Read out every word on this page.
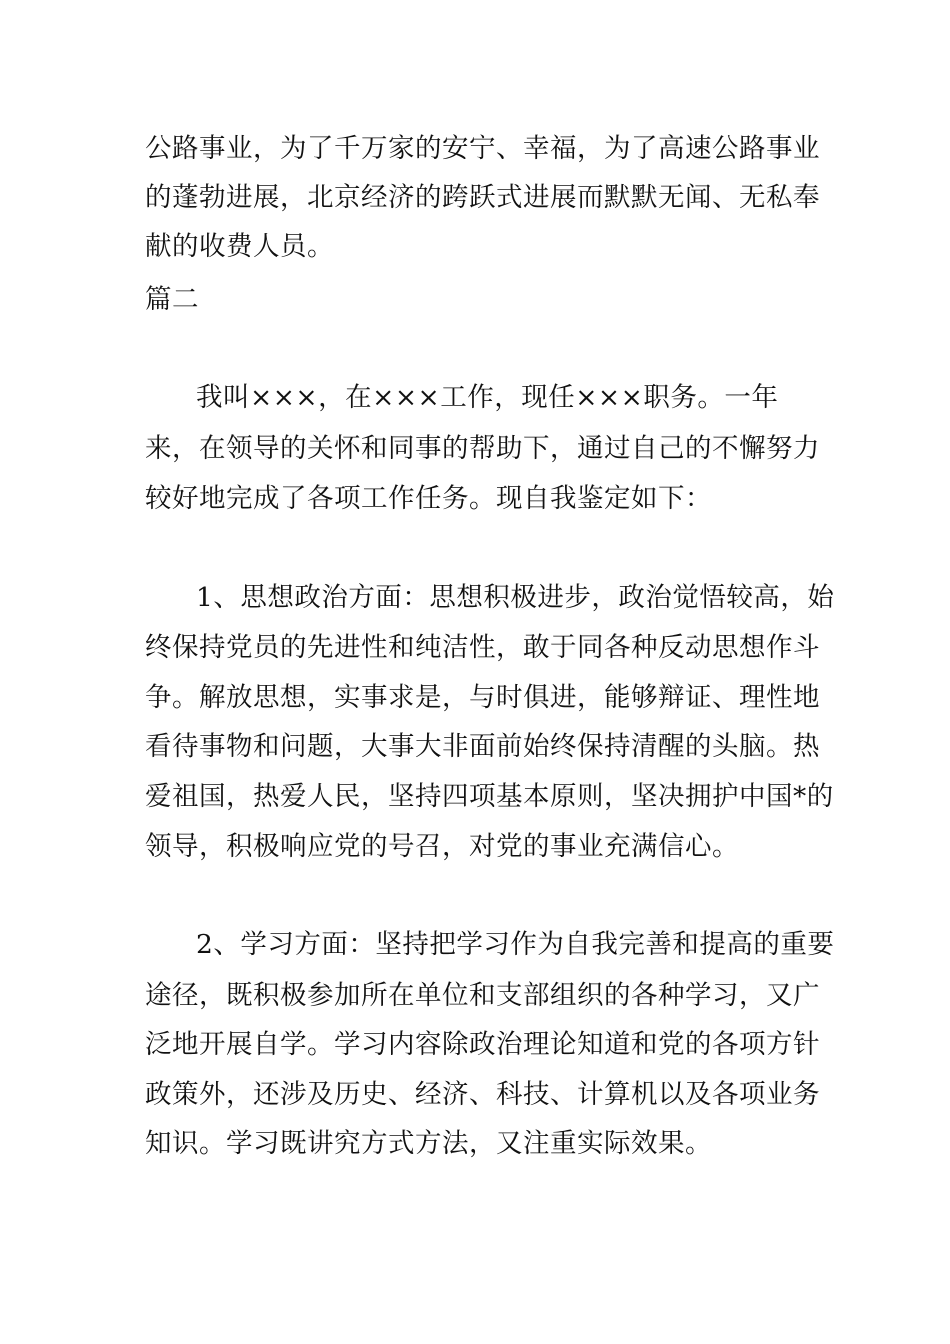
公路事业，为了千万家的安宁、幸福，为了高速公路事业
的蓬勃进展，北京经济的跨跃式进展而默默无闻、无私奉
献的收费人员。
篇二
我叫×××，在×××工作，现任×××职务。一年
来，在领导的关怀和同事的帮助下，通过自己的不懈努力
较好地完成了各项工作任务。现自我鉴定如下：
1、思想政治方面：思想积极进步，政治觉悟较高，始
终保持党员的先进性和纯洁性，敢于同各种反动思想作斗
争。解放思想，实事求是，与时俱进，能够辩证、理性地
看待事物和问题，大事大非面前始终保持清醒的头脑。热
爱祖国，热爱人民，坚持四项基本原则，坚决拥护中国*的
领导，积极响应党的号召，对党的事业充满信心。
2、学习方面：坚持把学习作为自我完善和提高的重要
途径，既积极参加所在单位和支部组织的各种学习，又广
泛地开展自学。学习内容除政治理论知道和党的各项方针
政策外，还涉及历史、经济、科技、计算机以及各项业务
知识。学习既讲究方式方法，又注重实际效果。
